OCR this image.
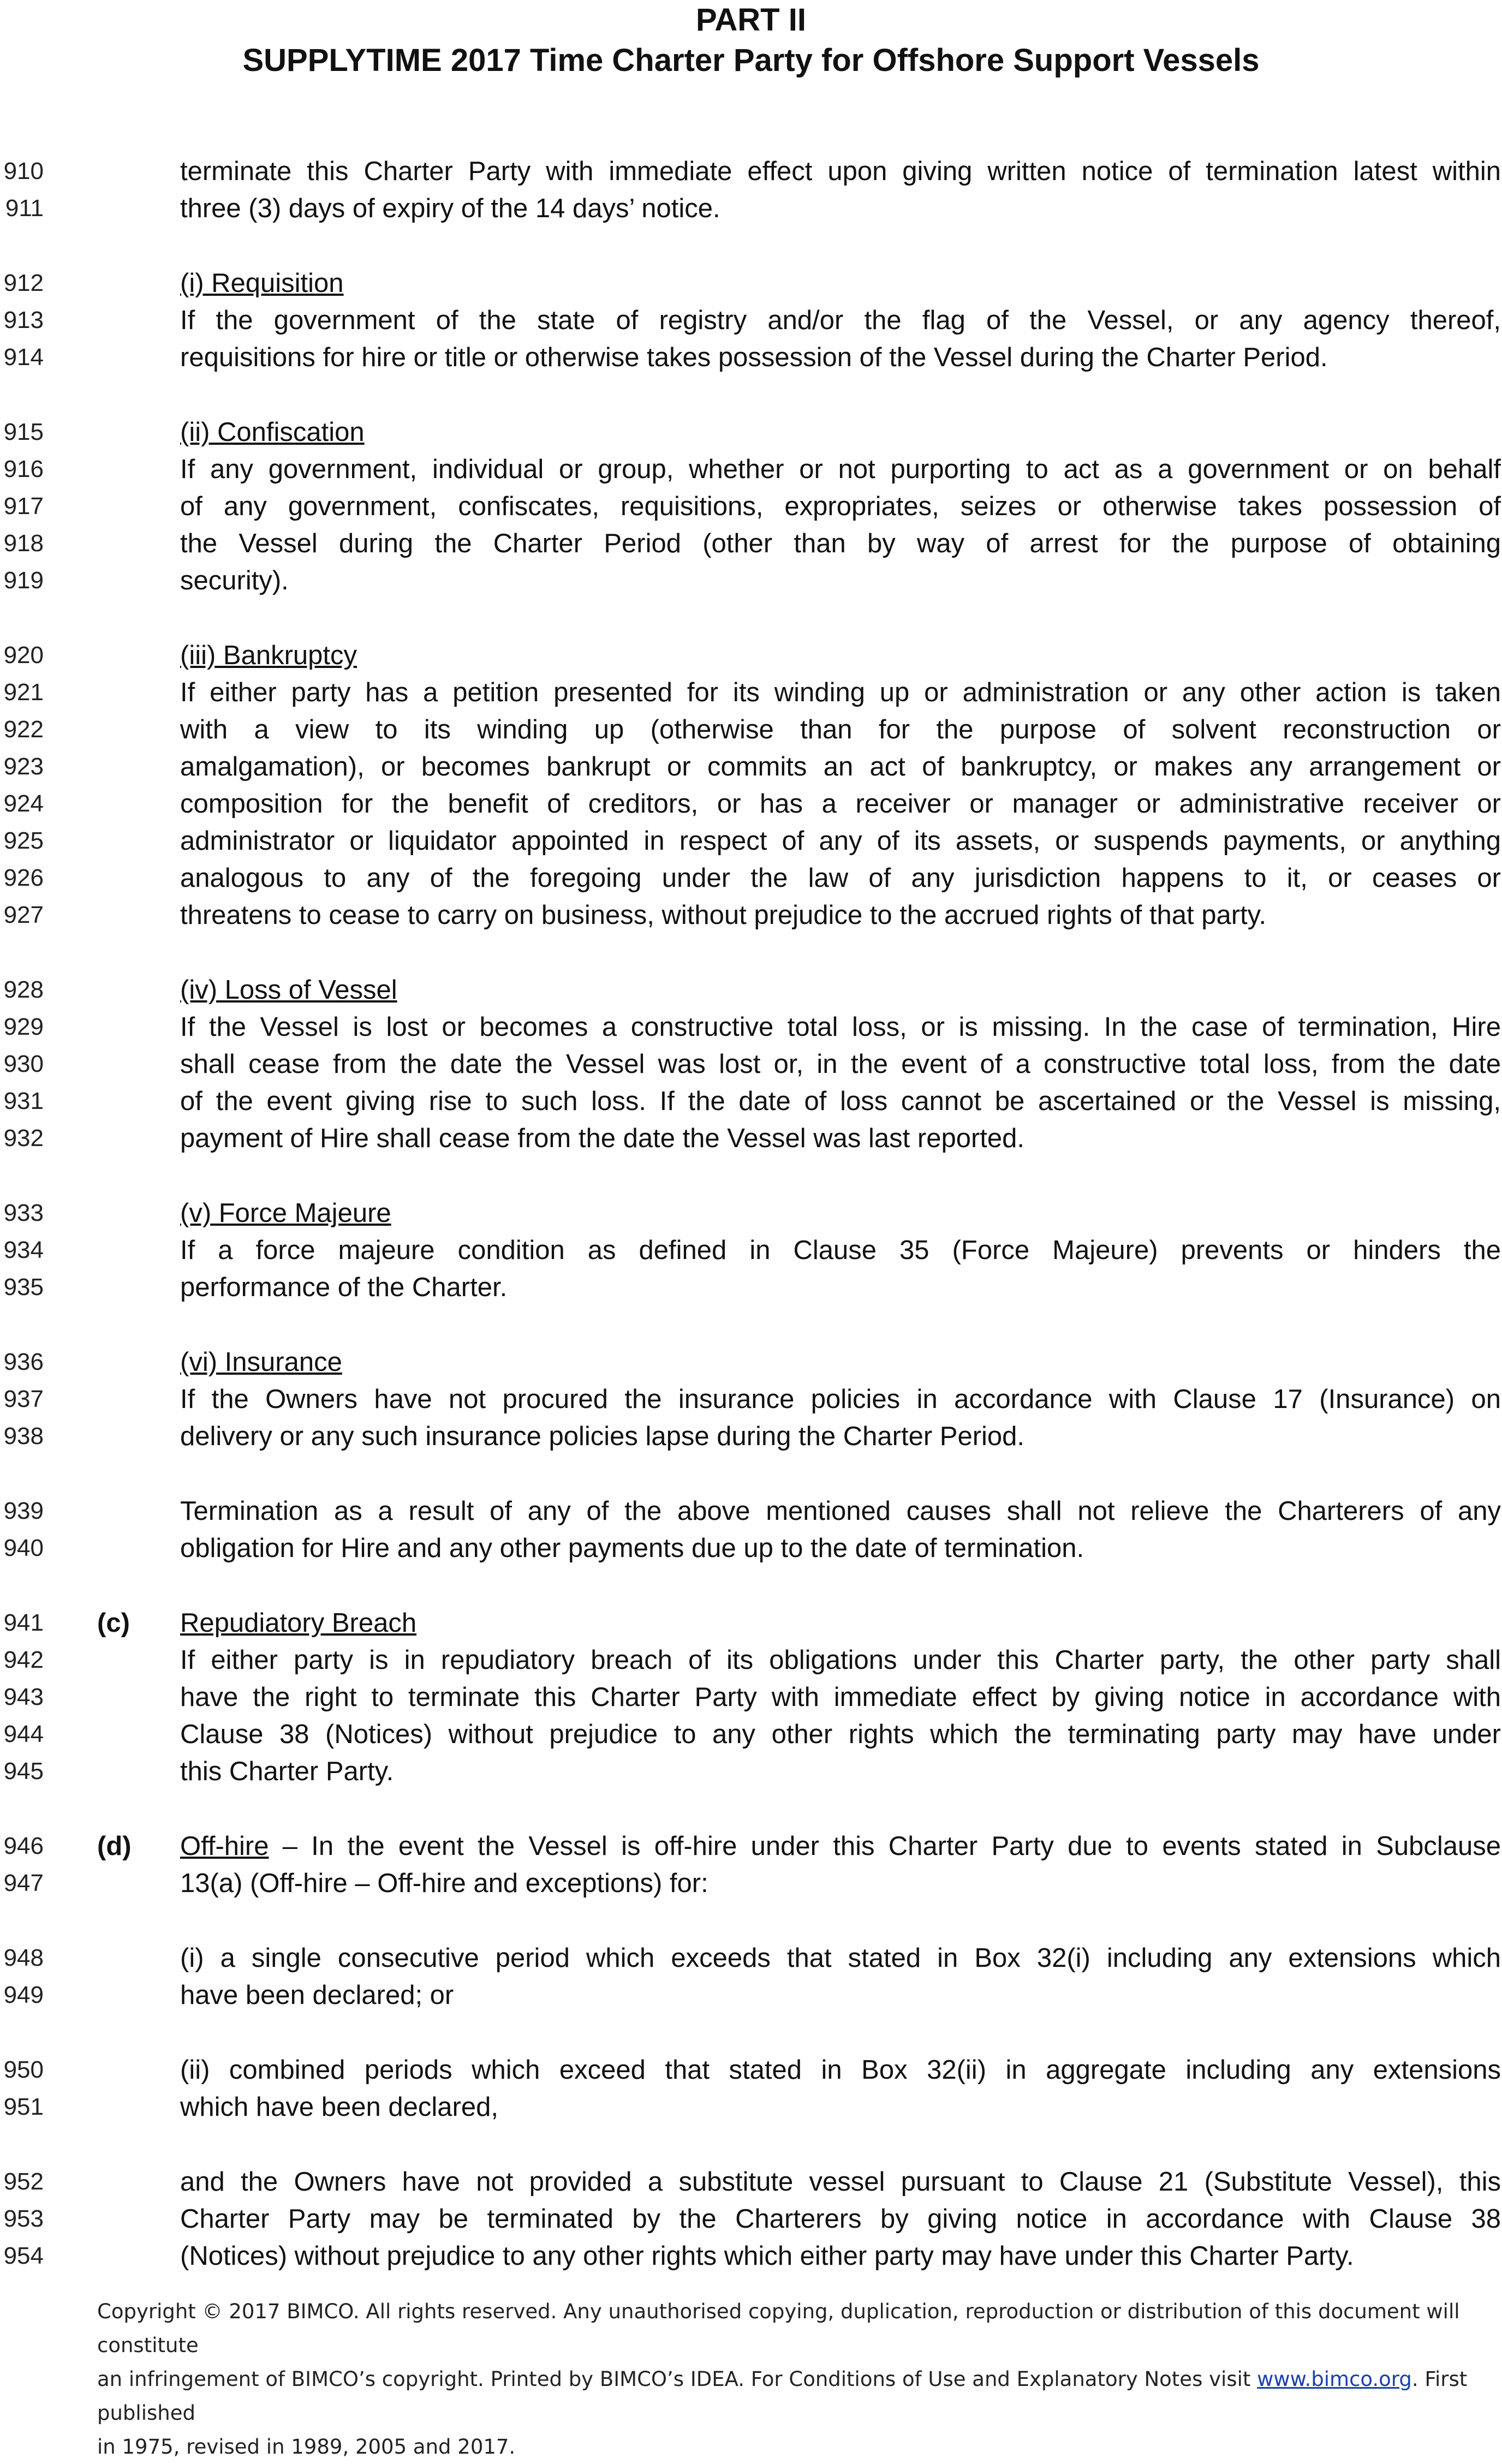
PART II
SUPPLYTIME 2017 Time Charter Party for Offshore Support Vessels
910	terminate this Charter Party with immediate effect upon giving written notice of termination latest within
911	three (3) days of expiry of the 14 days’ notice.
912	(i) Requisition
913	If the government of the state of registry and/or the flag of the Vessel, or any agency thereof,
914	requisitions for hire or title or otherwise takes possession of the Vessel during the Charter Period.
915	(ii) Confiscation
916	If any government, individual or group, whether or not purporting to act as a government or on behalf
917	of any government, confiscates, requisitions, expropriates, seizes or otherwise takes possession of
918	the Vessel during the Charter Period (other than by way of arrest for the purpose of obtaining
919	security).
920	(iii) Bankruptcy
921	If either party has a petition presented for its winding up or administration or any other action is taken
922	with a view to its winding up (otherwise than for the purpose of solvent reconstruction or
923	amalgamation), or becomes bankrupt or commits an act of bankruptcy, or makes any arrangement or
924	composition for the benefit of creditors, or has a receiver or manager or administrative receiver or
925	administrator or liquidator appointed in respect of any of its assets, or suspends payments, or anything
926	analogous to any of the foregoing under the law of any jurisdiction happens to it, or ceases or
927	threatens to cease to carry on business, without prejudice to the accrued rights of that party.
928	(iv) Loss of Vessel
929	If the Vessel is lost or becomes a constructive total loss, or is missing. In the case of termination, Hire
930	shall cease from the date the Vessel was lost or, in the event of a constructive total loss, from the date
931	of the event giving rise to such loss. If the date of loss cannot be ascertained or the Vessel is missing,
932	payment of Hire shall cease from the date the Vessel was last reported.
933	(v) Force Majeure
934	If a force majeure condition as defined in Clause 35 (Force Majeure) prevents or hinders the
935	performance of the Charter.
936	(vi) Insurance
937	If the Owners have not procured the insurance policies in accordance with Clause 17 (Insurance) on
938	delivery or any such insurance policies lapse during the Charter Period.
939	Termination as a result of any of the above mentioned causes shall not relieve the Charterers of any
940	obligation for Hire and any other payments due up to the date of termination.
941 (c) Repudiatory Breach
942	If either party is in repudiatory breach of its obligations under this Charter party, the other party shall
943	have the right to terminate this Charter Party with immediate effect by giving notice in accordance with
944	Clause 38 (Notices) without prejudice to any other rights which the terminating party may have under
945	this Charter Party.
946 (d) Off-hire – In the event the Vessel is off-hire under this Charter Party due to events stated in Subclause
947	13(a) (Off-hire – Off-hire and exceptions) for:
948	(i) a single consecutive period which exceeds that stated in Box 32(i) including any extensions which
949	have been declared; or
950	(ii) combined periods which exceed that stated in Box 32(ii) in aggregate including any extensions
951	which have been declared,
952	and the Owners have not provided a substitute vessel pursuant to Clause 21 (Substitute Vessel), this
953	Charter Party may be terminated by the Charterers by giving notice in accordance with Clause 38
954	(Notices) without prejudice to any other rights which either party may have under this Charter Party.
Copyright © 2017 BIMCO. All rights reserved. Any unauthorised copying, duplication, reproduction or distribution of this document will constitute
an infringement of BIMCO’s copyright. Printed by BIMCO’s IDEA. For Conditions of Use and Explanatory Notes visit www.bimco.org. First published
in 1975, revised in 1989, 2005 and 2017.
